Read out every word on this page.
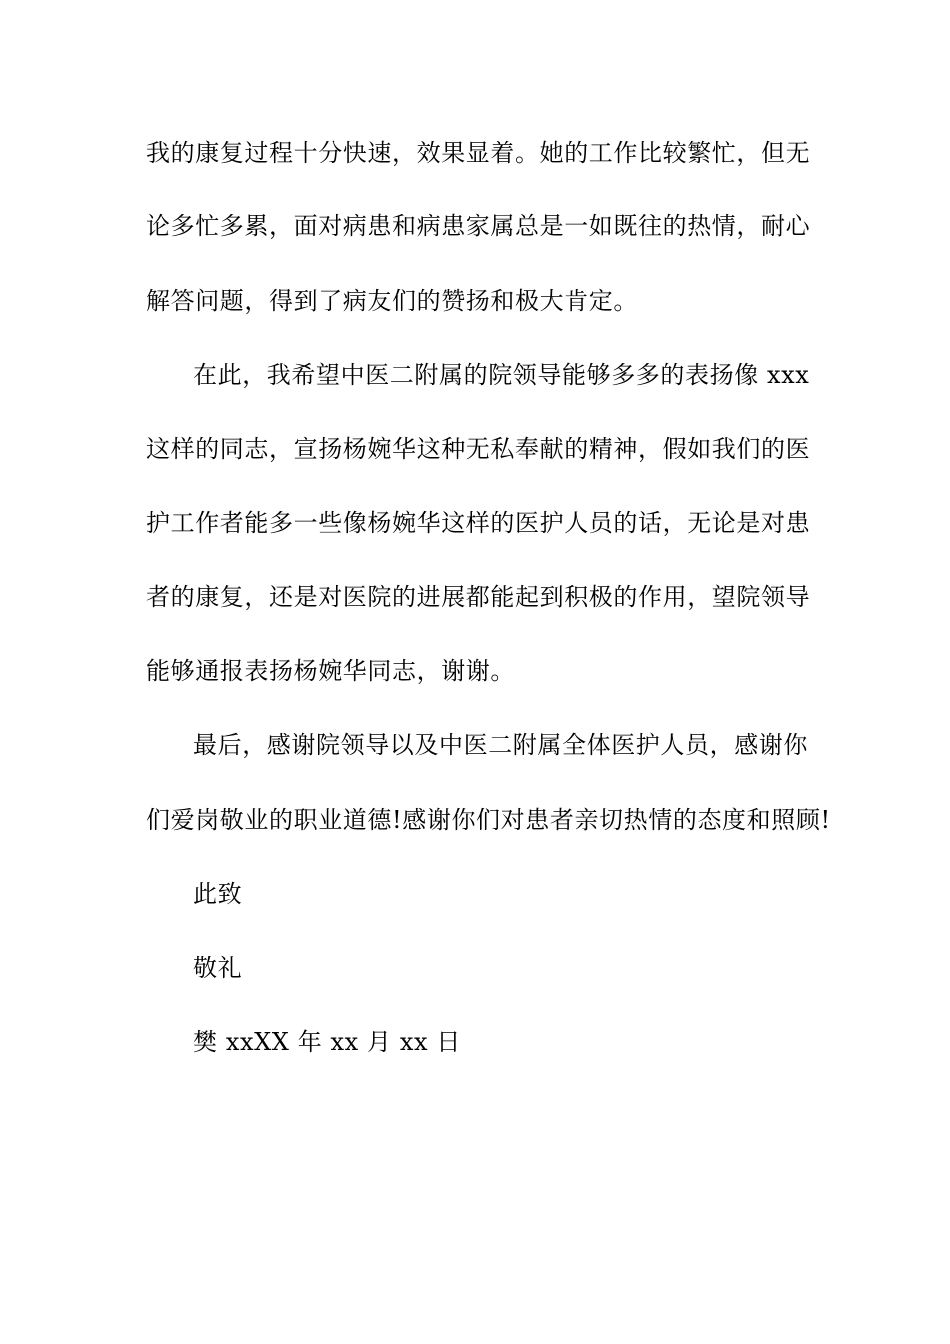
我的康复过程十分快速，效果显着。她的工作比较繁忙，但无
论多忙多累，面对病患和病患家属总是一如既往的热情，耐心
解答问题，得到了病友们的赞扬和极大肯定。
在此，我希望中医二附属的院领导能够多多的表扬像 xxx
这样的同志，宣扬杨婉华这种无私奉献的精神，假如我们的医
护工作者能多一些像杨婉华这样的医护人员的话，无论是对患
者的康复，还是对医院的进展都能起到积极的作用，望院领导
能够通报表扬杨婉华同志，谢谢。
最后，感谢院领导以及中医二附属全体医护人员，感谢你
们爱岗敬业的职业道德!感谢你们对患者亲切热情的态度和照顾!
此致
敬礼
樊 xxXX 年 xx 月 xx 日
